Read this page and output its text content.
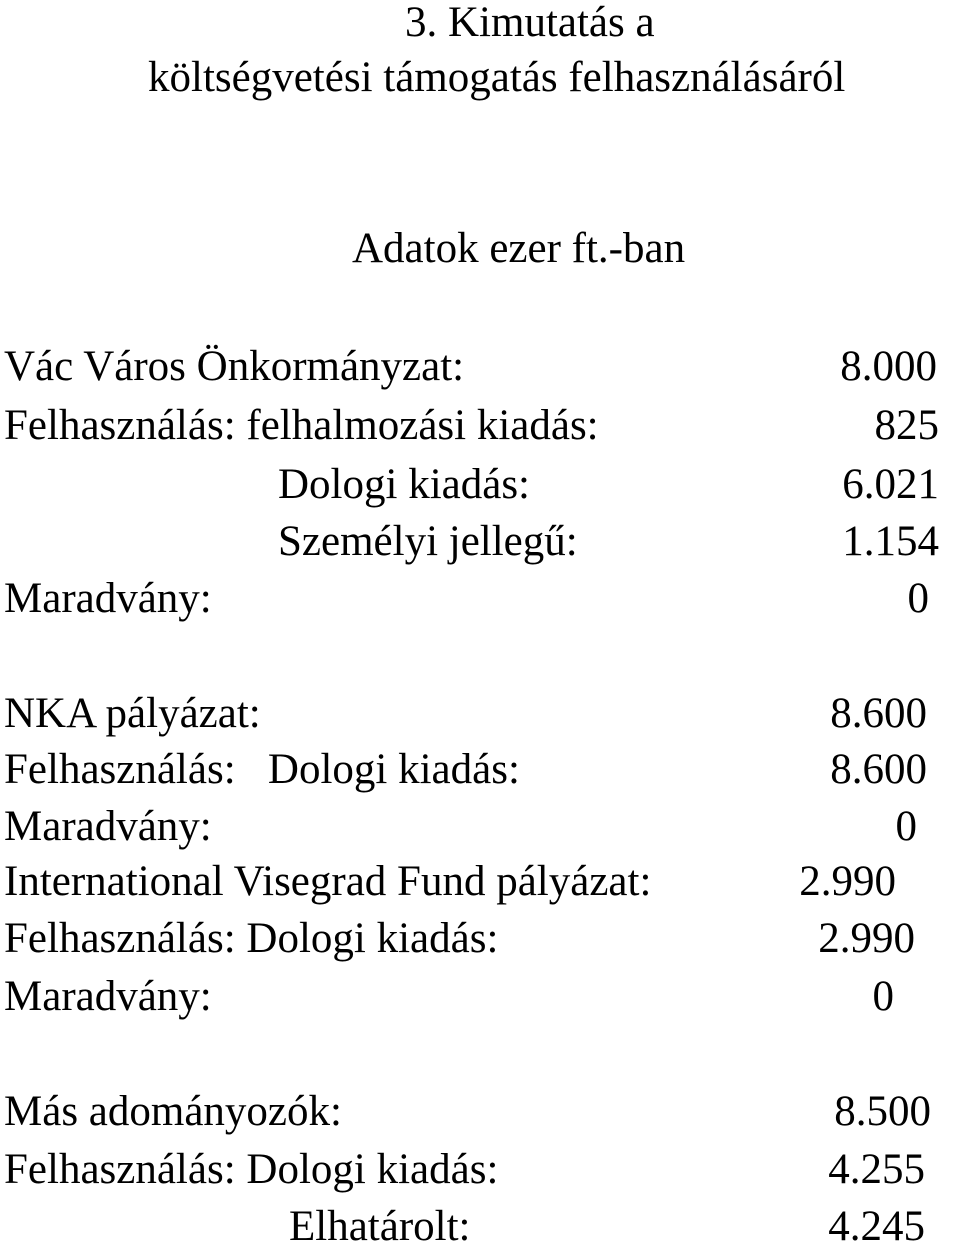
3. Kimutatás a
költségvetési támogatás felhasználásáról
Adatok ezer ft.-ban
Vác Város Önkormányzat:	8.000
Felhasználás: felhalmozási kiadás:	825
Dologi kiadás:	6.021
Személyi jellegű:	1.154
Maradvány:	0
NKA pályázat:	8.600
Felhasználás:   Dologi kiadás:	8.600
Maradvány:	0
International Visegrad Fund pályázat:	2.990
Felhasználás: Dologi kiadás:	2.990
Maradvány:	0
Más adományozók:	8.500
Felhasználás: Dologi kiadás:	4.255
Elhatárolt:	4.245
